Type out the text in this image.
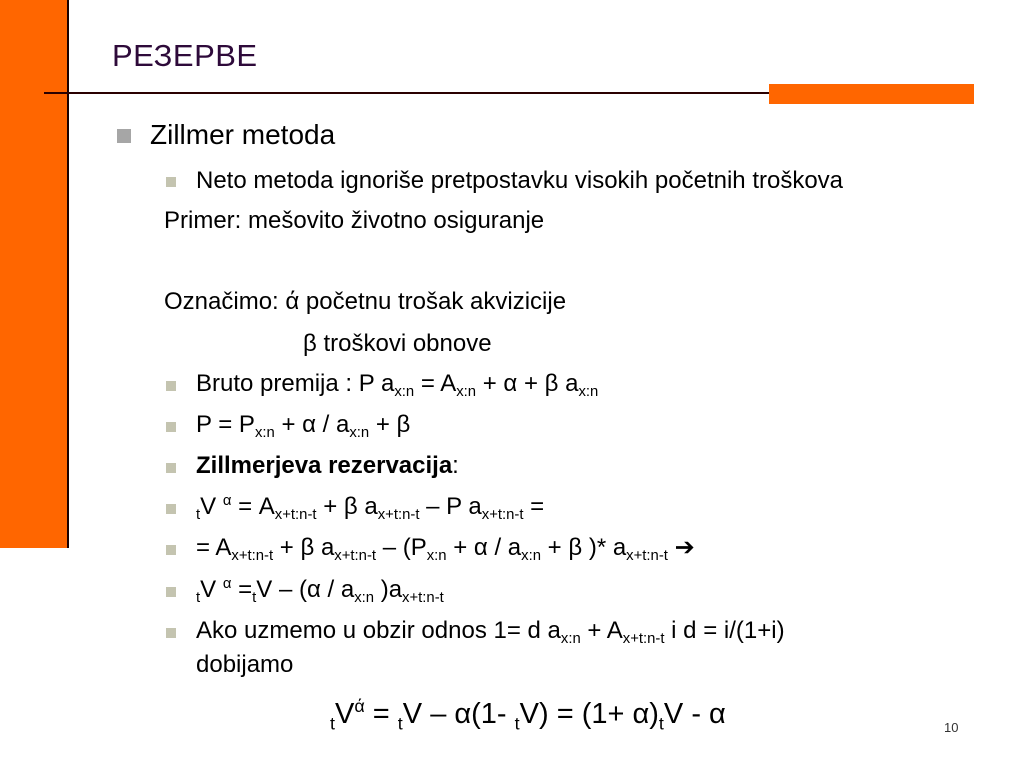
РЕЗЕРВЕ
Zillmer metoda
Neto metoda ignoriše pretpostavku visokih početnih troškova
Primer: mešovito životno osiguranje
Označimo: ά početnu trošak akvizicije
β troškovi obnove
Bruto premija : P $a_{x:n} = A_{x:n} + \alpha + \beta$ $a_{x:n}$
$P = P_{x:n} + \alpha / a_{x:n} + \beta$
Zillmerjeva rezervacija:
$_t$V $^\alpha = A_{x+t:n-t} + \beta$ $a_{x+t:n-t}$ – P $a_{x+t:n-t}$ =
= $A_{x+t:n-t} + \beta$ $a_{x+t:n-t} - (P_{x:n} + \alpha / a_{x:n} + \beta$ )* $a_{x+t:n-t}$ ➔
$_t$V $^\alpha =_tV - (\alpha / a_{x:n}$ )$a_{x+t:n-t}$
Ako uzmemo u obzir odnos 1= d $a_{x:n} + A_{x+t:n-t}$ i d = i/(1+i)
dobijamo
$_tV^ά = _tV - \alpha(1-$ $_tV) = (1+ \alpha)_tV - \alpha$	10
